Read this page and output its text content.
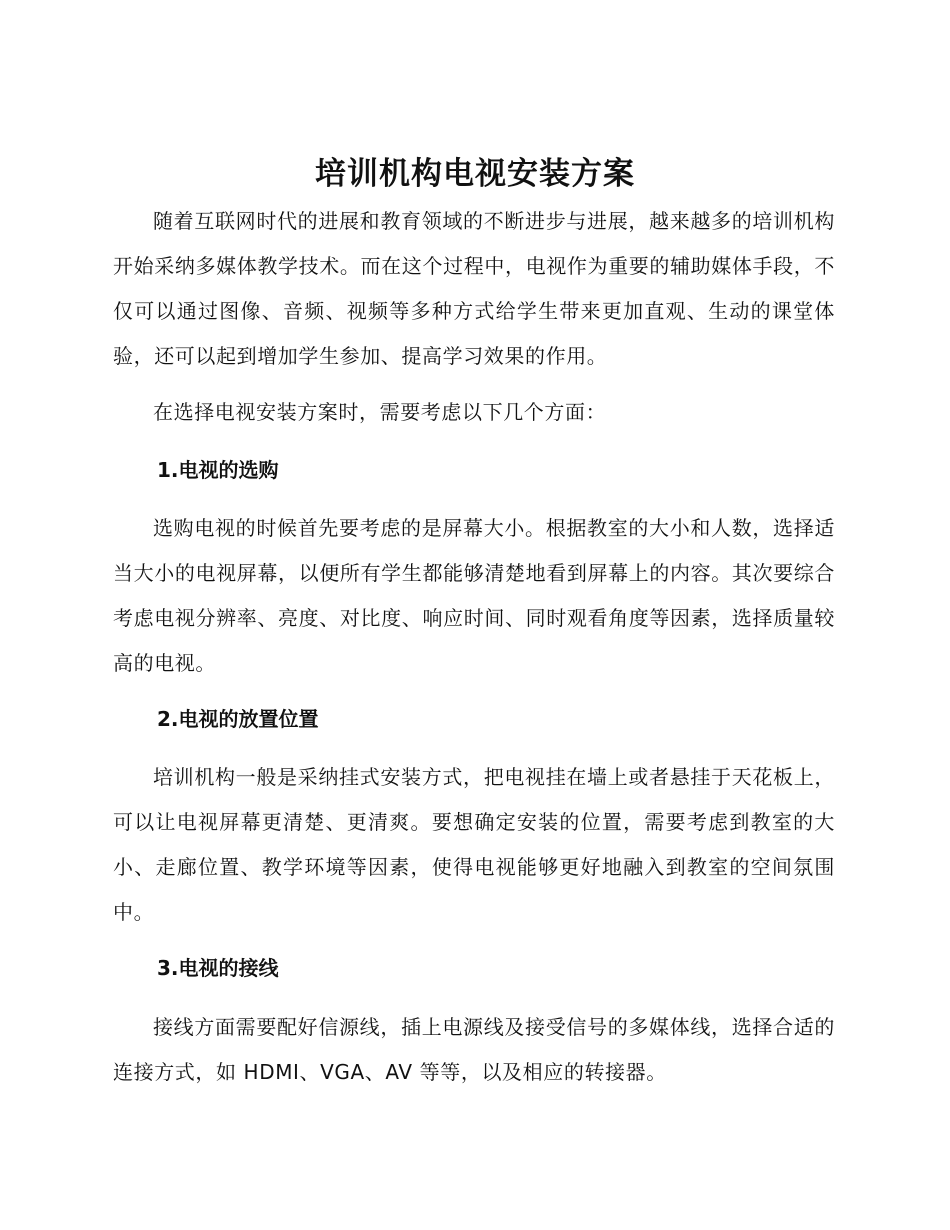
培训机构电视安装方案

随着互联网时代的进展和教育领域的不断进步与进展，越来越多的培训机构开始采纳多媒体教学技术。而在这个过程中，电视作为重要的辅助媒体手段，不仅可以通过图像、音频、视频等多种方式给学生带来更加直观、生动的课堂体验，还可以起到增加学生参加、提高学习效果的作用。

在选择电视安装方案时，需要考虑以下几个方面：

1.电视的选购

选购电视的时候首先要考虑的是屏幕大小。根据教室的大小和人数，选择适当大小的电视屏幕，以便所有学生都能够清楚地看到屏幕上的内容。其次要综合考虑电视分辨率、亮度、对比度、响应时间、同时观看角度等因素，选择质量较高的电视。

2.电视的放置位置

培训机构一般是采纳挂式安装方式，把电视挂在墙上或者悬挂于天花板上，可以让电视屏幕更清楚、更清爽。要想确定安装的位置，需要考虑到教室的大小、走廊位置、教学环境等因素，使得电视能够更好地融入到教室的空间氛围中。

3.电视的接线

接线方面需要配好信源线，插上电源线及接受信号的多媒体线，选择合适的连接方式，如 HDMI、VGA、AV 等等，以及相应的转接器。
